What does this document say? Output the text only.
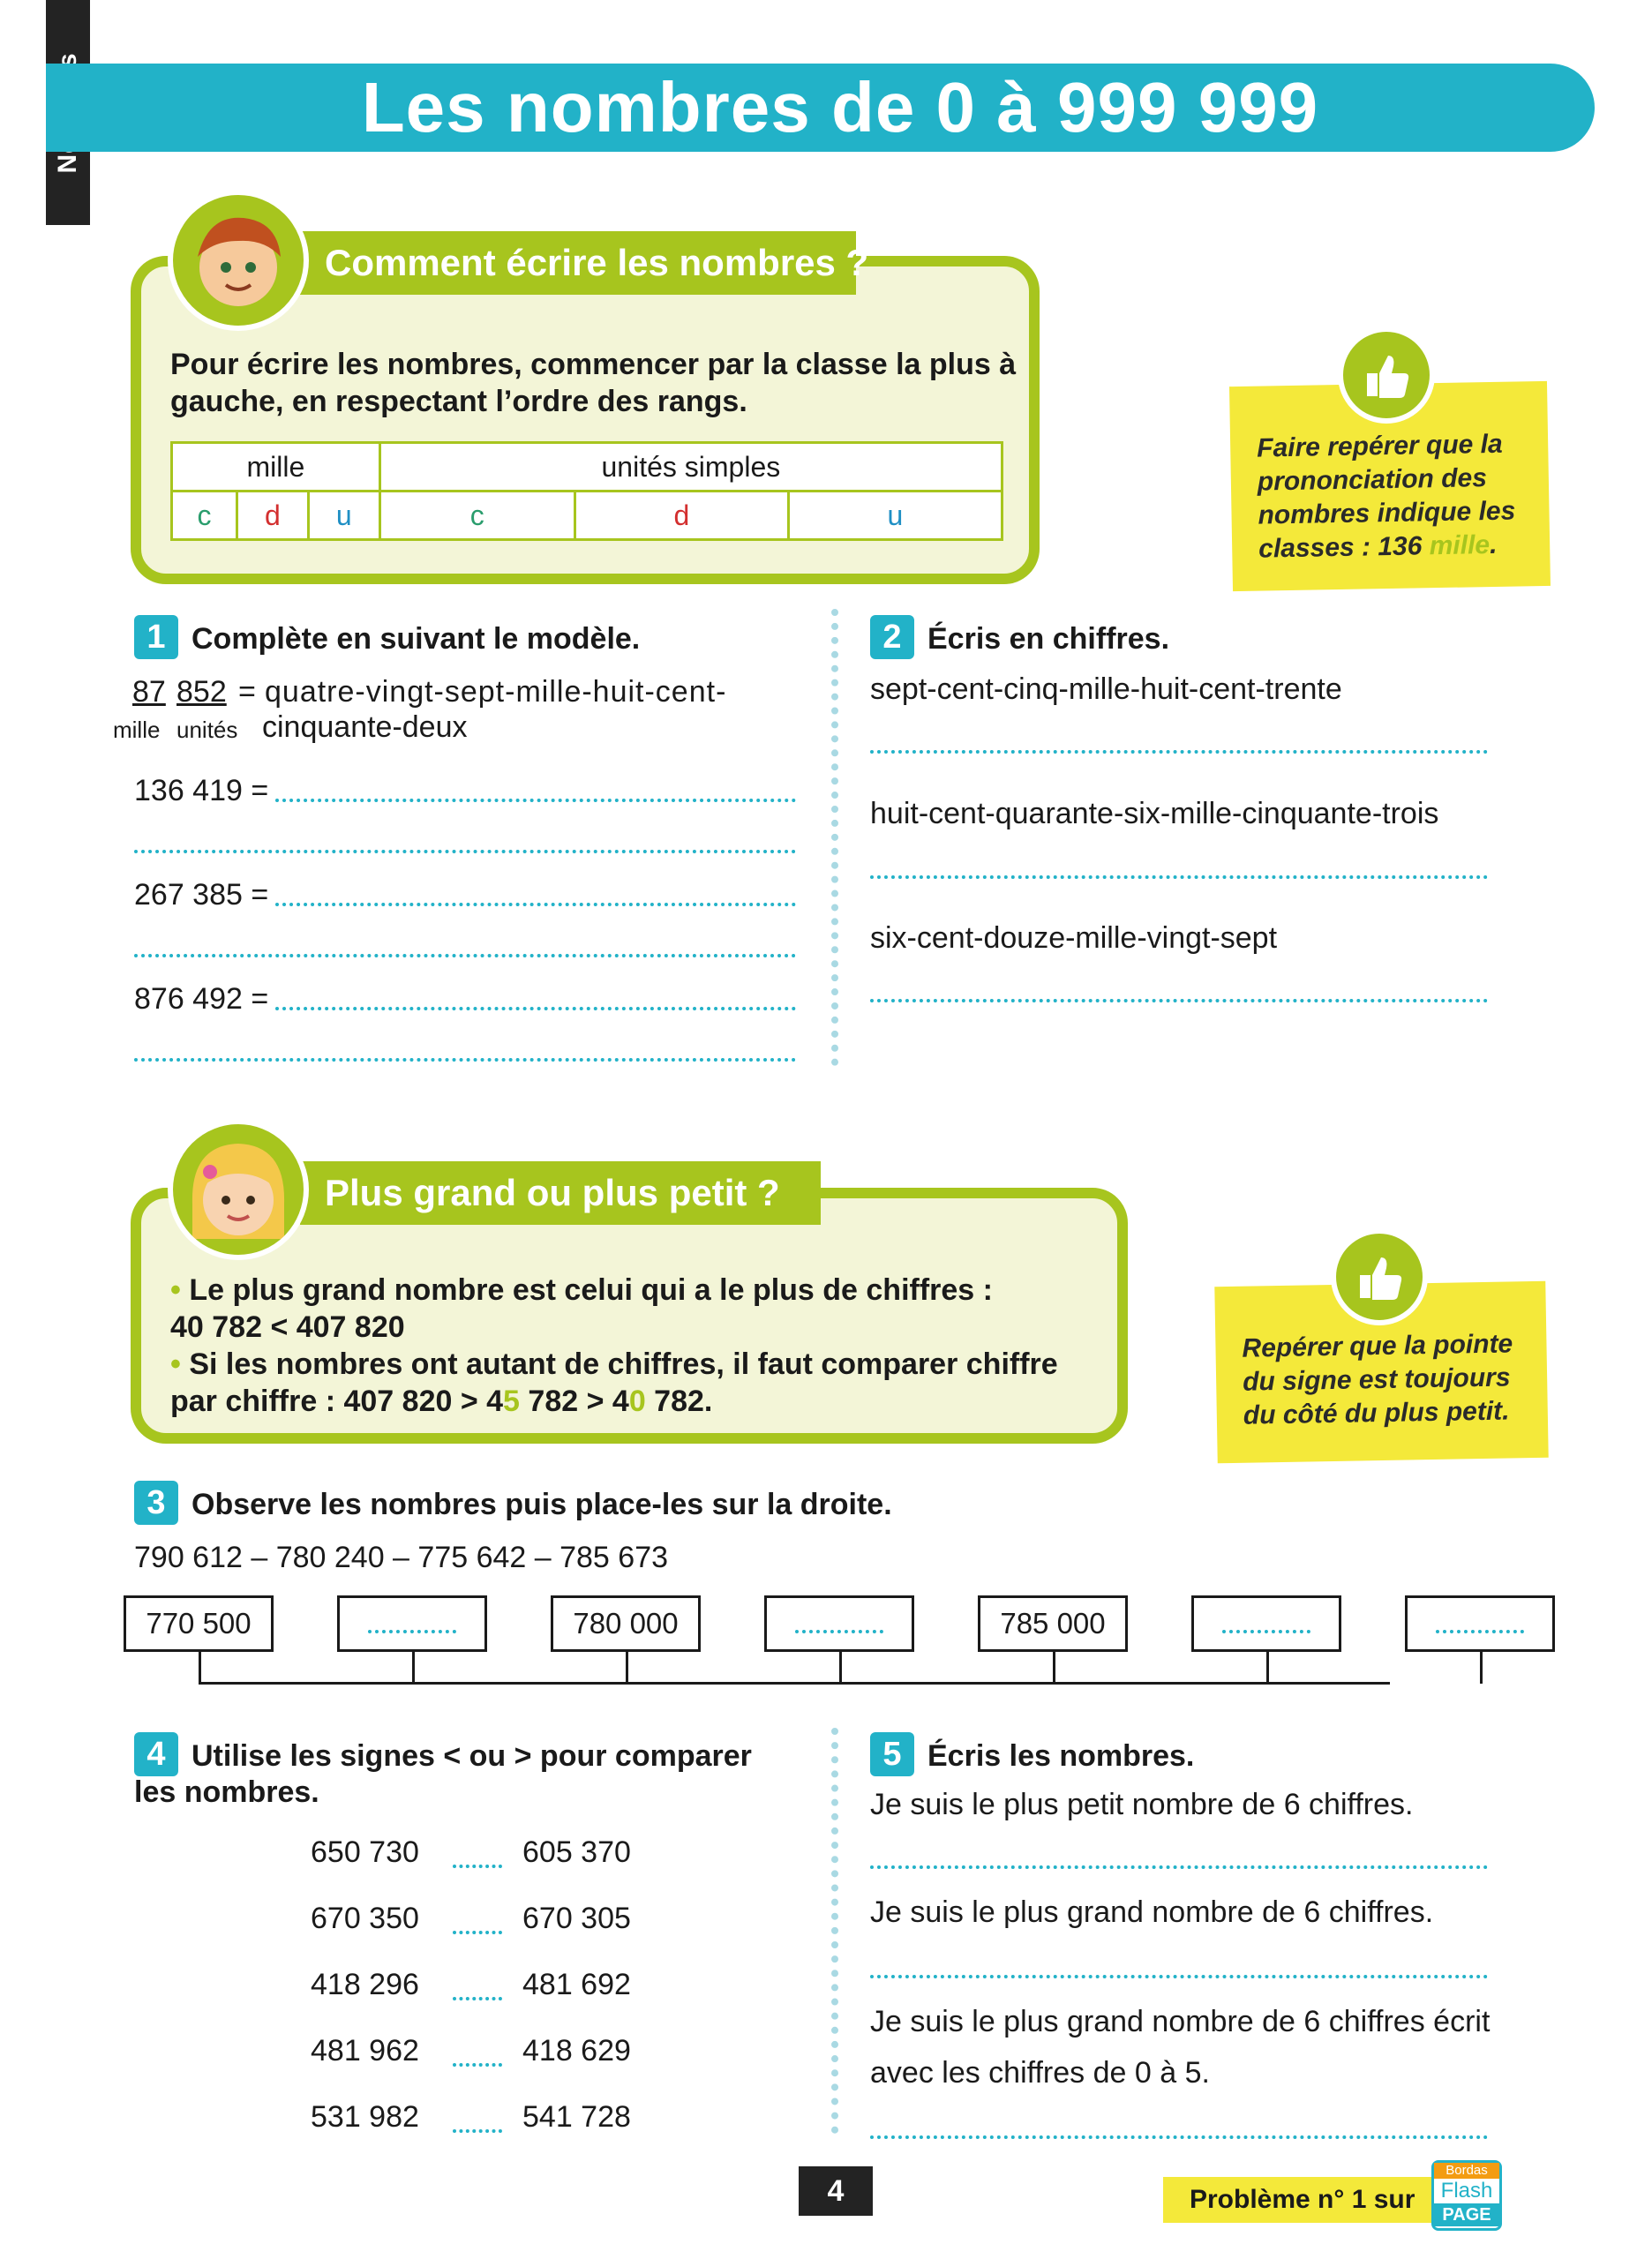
Les nombres de 0 à 999 999
Comment écrire les nombres ?
Pour écrire les nombres, commencer par la classe la plus à gauche, en respectant l’ordre des rangs.
mille			unités simples		
c	d	u	c	d	u
Faire repérer que la prononciation des nombres indique les classes : 136 mille.
1 Complète en suivant le modèle.
87 852 = quatre-vingt-sept-mille-huit-cent-
mille unités cinquante-deux
136 419 =
267 385 =
876 492 =
2 Écris en chiffres.
sept-cent-cinq-mille-huit-cent-trente
huit-cent-quarante-six-mille-cinquante-trois
six-cent-douze-mille-vingt-sept
Plus grand ou plus petit ?
• Le plus grand nombre est celui qui a le plus de chiffres :
40 782 < 407 820
• Si les nombres ont autant de chiffres, il faut comparer chiffre
par chiffre : 407 820 > 45 782 > 40 782.
Repérer que la pointe du signe est toujours du côté du plus petit.
3 Observe les nombres puis place-les sur la droite.
790 612 – 780 240 – 775 642 – 785 673
770 500	780 000	785 000
4 Utilise les signes < ou > pour comparer
les nombres.
650 730	605 370
670 350	670 305
418 296	481 692
481 962	418 629
531 982	541 728
5 Écris les nombres.
Je suis le plus petit nombre de 6 chiffres.
Je suis le plus grand nombre de 6 chiffres.
Je suis le plus grand nombre de 6 chiffres écrit
avec les chiffres de 0 à 5.
4	Problème n° 1 sur
Bordas
Flash
PAGE
